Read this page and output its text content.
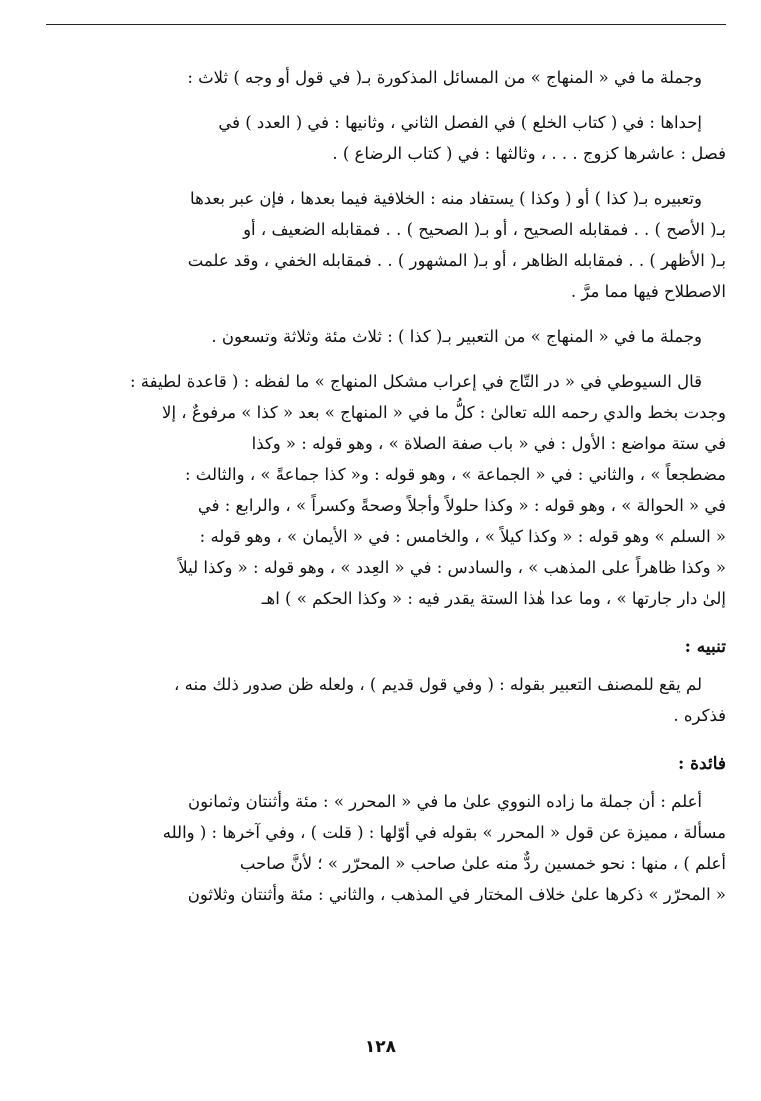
وجملة ما في « المنهاج » من المسائل المذكورة بـ( في قول أو وجه ) ثلاث :

إحداها : في ( كتاب الخلع ) في الفصل الثاني ، وثانيها : في ( العدد ) في
فصل : عاشرها كزوج . . . ، وثالثها : في ( كتاب الرضاع ) .

وتعبيره بـ( كذا ) أو ( وكذا ) يستفاد منه : الخلافية فيما بعدها ، فإن عبر بعدها
بـ( الأصح ) . . فمقابله الصحيح ، أو بـ( الصحيح ) . . فمقابله الضعيف ، أو
بـ( الأظهر ) . . فمقابله الظاهر ، أو بـ( المشهور ) . . فمقابله الخفي ، وقد علمت
الاصطلاح فيها مما مرَّ .

وجملة ما في « المنهاج » من التعبير بـ( كذا ) : ثلاث مئة وثلاثة وتسعون .

قال السيوطي في « در التّاج في إعراب مشكل المنهاج » ما لفظه : ( قاعدة لطيفة :
وجدت بخط والدي رحمه الله تعالىٰ : كلُّ ما في « المنهاج » بعد « كذا » مرفوعٌ ، إلا
في ستة مواضع : الأول : في « باب صفة الصلاة » ، وهو قوله : « وكذا
مضطجعاً » ، والثاني : في « الجماعة » ، وهو قوله : و« كذا جماعةً » ، والثالث :
في « الحوالة » ، وهو قوله : « وكذا حلولاً وأجلاً وصحةً وكسراً » ، والرابع : في
« السلم » وهو قوله : « وكذا كيلاً » ، والخامس : في « الأيمان » ، وهو قوله :
« وكذا ظاهراً على المذهب » ، والسادس : في « العِدد » ، وهو قوله : « وكذا ليلاً
إلىٰ دار جارتها » ، وما عدا هٰذا الستة يقدر فيه : « وكذا الحكم » ) اهـ

تنبيه :

لم يقع للمصنف التعبير بقوله : ( وفي قول قديم ) ، ولعله ظن صدور ذلك منه ،
فذكره .

فائدة :

أعلم : أن جملة ما زاده النووي علىٰ ما في « المحرر » : مئة وأثنتان وثمانون
مسألة ، مميزة عن قول « المحرر » بقوله في أوّلها : ( قلت ) ، وفي آخرها : ( والله
أعلم ) ، منها : نحو خمسين ردٌّ منه علىٰ صاحب « المحرّر » ؛ لأنَّ صاحب
« المحرّر » ذكرها علىٰ خلاف المختار في المذهب ، والثاني : مئة وأثنتان وثلاثون

١٢٨
